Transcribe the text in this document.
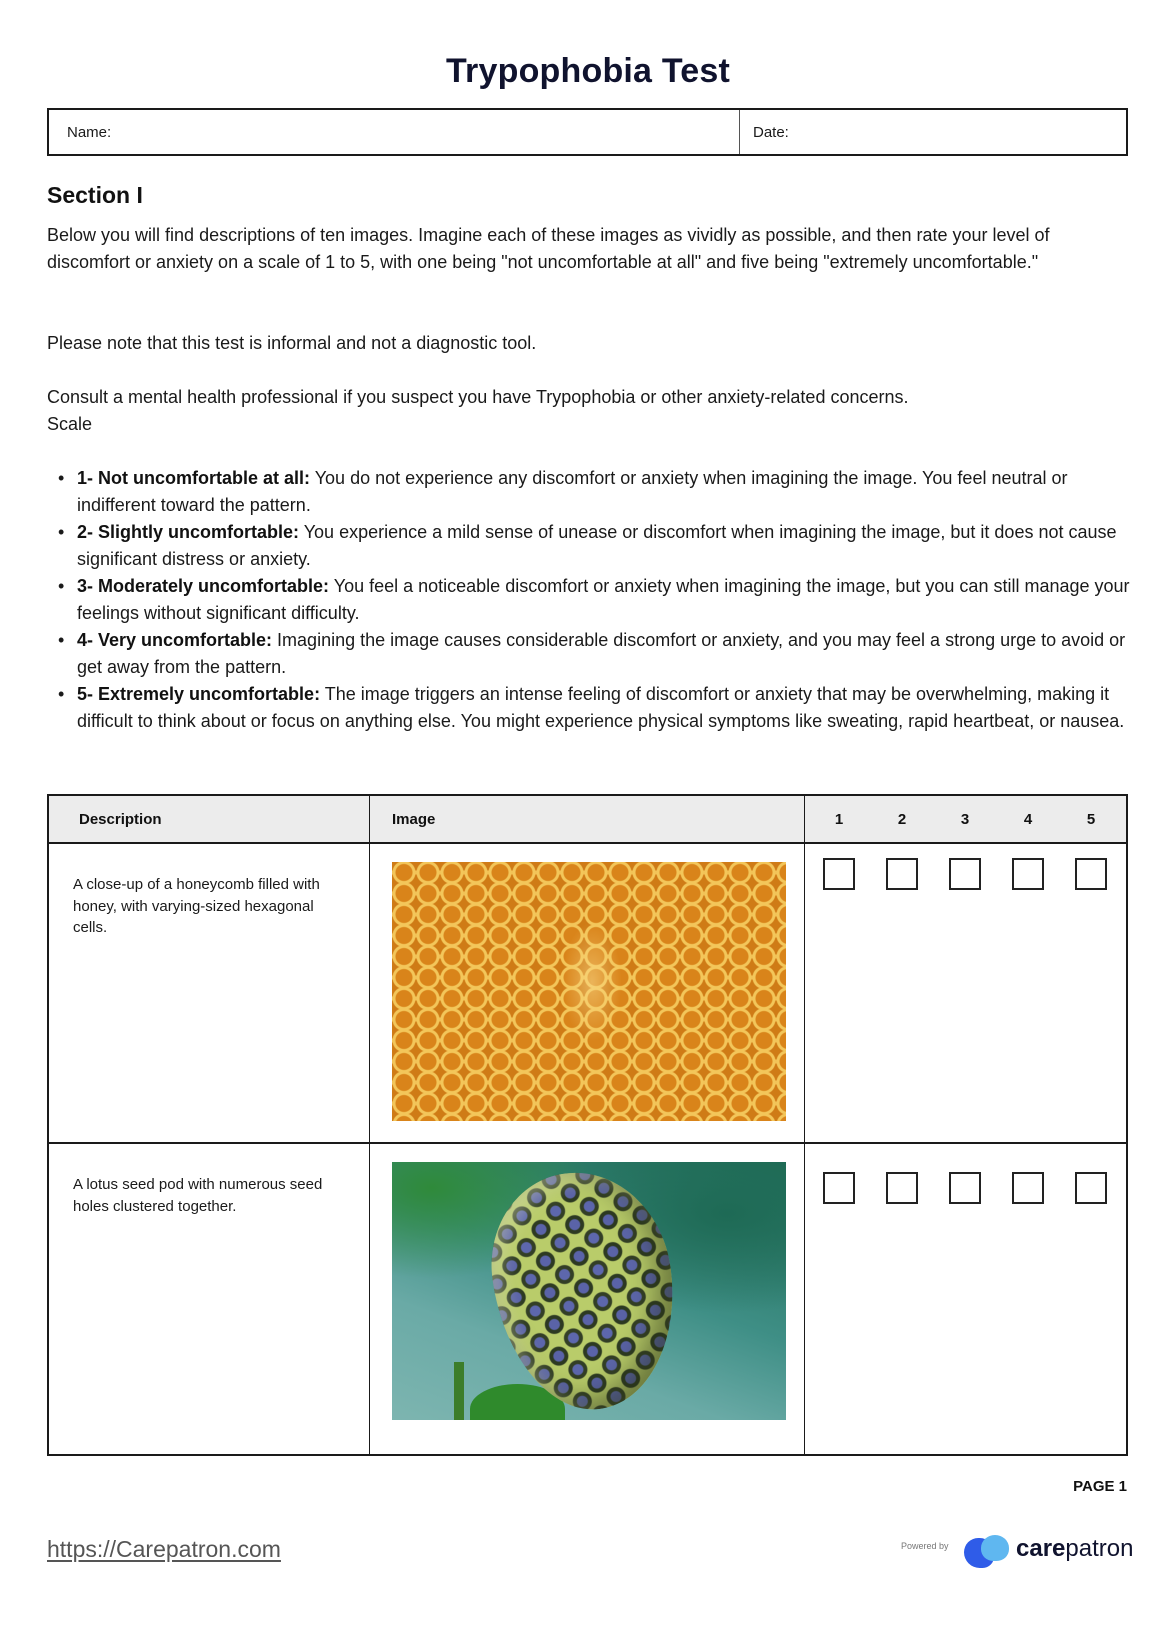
Trypophobia Test
Name:	Date:
Section I

Below you will find descriptions of ten images. Imagine each of these images as vividly as possible, and then rate your level of discomfort or anxiety on a scale of 1 to 5, with one being "not uncomfortable at all" and five being "extremely uncomfortable."

Please note that this test is informal and not a diagnostic tool.

Consult a mental health professional if you suspect you have Trypophobia or other anxiety-related concerns.
Scale
• 1- Not uncomfortable at all: You do not experience any discomfort or anxiety when imagining the image. You feel neutral or indifferent toward the pattern.
• 2- Slightly uncomfortable: You experience a mild sense of unease or discomfort when imagining the image, but it does not cause significant distress or anxiety.
• 3- Moderately uncomfortable: You feel a noticeable discomfort or anxiety when imagining the image, but you can still manage your feelings without significant difficulty.
• 4- Very uncomfortable: Imagining the image causes considerable discomfort or anxiety, and you may feel a strong urge to avoid or get away from the pattern.
• 5- Extremely uncomfortable: The image triggers an intense feeling of discomfort or anxiety that may be overwhelming, making it difficult to think about or focus on anything else. You might experience physical symptoms like sweating, rapid heartbeat, or nausea.
Description	Image	1	2	3	4	5
A close-up of a honeycomb filled with honey, with varying-sized hexagonal cells.
A lotus seed pod with numerous seed holes clustered together.
PAGE 1
https://Carepatron.com	Powered by	carepatron
